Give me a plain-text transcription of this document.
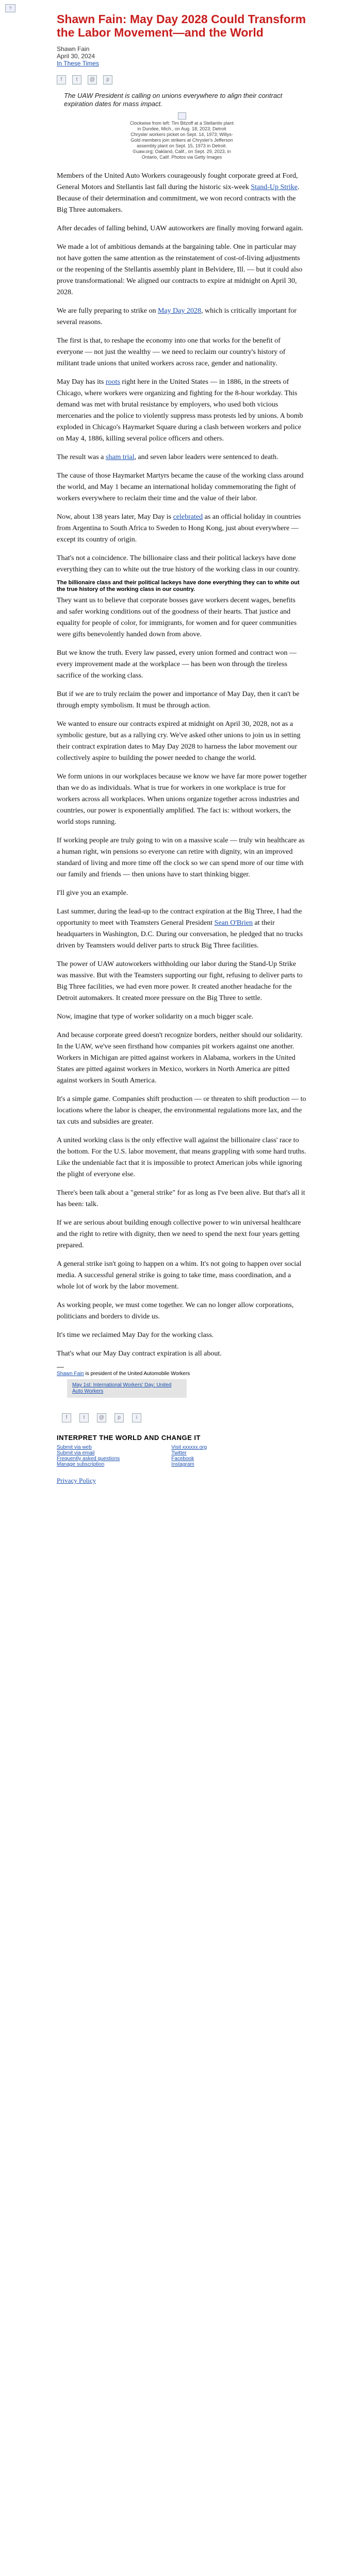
?
Shawn Fain: May Day 2028 Could Transform the Labor Movement—and the World
Shawn Fain
April 30, 2024
In These Times
f	t	@	p

The UAW President is calling on unions everywhere to align their contract expiration dates for mass impact.

Clockwise from left: Tim Bitzoff at a Stellantis plant in Dundee, Mich., on Aug. 18, 2023; Detroit Chrysler workers picket on Sept. 14, 1973; Willys-Gold members join strikers at Chrysler's Jefferson assembly plant on Sept. 15, 1973 in Detroit. ©uaw.org; Oakland, Calif., on Sept. 29, 2023, in Ontario, Calif. Photos via Getty Images

Members of the United Auto Workers courageously fought corporate greed at Ford, General Motors and Stellantis last fall during the historic six-week Stand-Up Strike. Because of their determination and commitment, we won record contracts with the Big Three automakers.

After decades of falling behind, UAW autoworkers are finally moving forward again.

We made a lot of ambitious demands at the bargaining table. One in particular may not have gotten the same attention as the reinstatement of cost-of-living adjustments or the reopening of the Stellantis assembly plant in Belvidere, Ill. — but it could also prove transformational: We aligned our contracts to expire at midnight on April 30, 2028.

We are fully preparing to strike on May Day 2028, which is critically important for several reasons.

The first is that, to reshape the economy into one that works for the benefit of everyone — not just the wealthy — we need to reclaim our country's history of militant trade unions that united workers across race, gender and nationality.

May Day has its roots right here in the United States — in 1886, in the streets of Chicago, where workers were organizing and fighting for the 8-hour workday. This demand was met with brutal resistance by employers, who used both vicious mercenaries and the police to violently suppress mass protests led by unions. A bomb exploded in Chicago's Haymarket Square during a clash between workers and police on May 4, 1886, killing several police officers and others.

The result was a sham trial, and seven labor leaders were sentenced to death.

The cause of those Haymarket Martyrs became the cause of the working class around the world, and May 1 became an international holiday commemorating the fight of workers everywhere to reclaim their time and the value of their labor.

Now, about 138 years later, May Day is celebrated as an official holiday in countries from Argentina to South Africa to Sweden to Hong Kong, just about everywhere — except its country of origin.

That's not a coincidence. The billionaire class and their political lackeys have done everything they can to white out the true history of the working class in our country.

The billionaire class and their political lackeys have done everything they can to white out the true history of the working class in our country.

They want us to believe that corporate bosses gave workers decent wages, benefits and safer working conditions out of the goodness of their hearts. That justice and equality for people of color, for immigrants, for women and for queer communities were gifts benevolently handed down from above.

But we know the truth. Every law passed, every union formed and contract won — every improvement made at the workplace — has been won through the tireless sacrifice of the working class.

But if we are to truly reclaim the power and importance of May Day, then it can't be through empty symbolism. It must be through action.

We wanted to ensure our contracts expired at midnight on April 30, 2028, not as a symbolic gesture, but as a rallying cry. We've asked other unions to join us in setting their contract expiration dates to May Day 2028 to harness the labor movement our collectively aspire to building the power needed to change the world.

We form unions in our workplaces because we know we have far more power together than we do as individuals. What is true for workers in one workplace is true for workers across all workplaces. When unions organize together across industries and countries, our power is exponentially amplified. The fact is: without workers, the world stops running.

If working people are truly going to win on a massive scale — truly win healthcare as a human right, win pensions so everyone can retire with dignity, win an improved standard of living and more time off the clock so we can spend more of our time with our family and friends — then unions have to start thinking bigger.

I'll give you an example.

Last summer, during the lead-up to the contract expiration at the Big Three, I had the opportunity to meet with Teamsters General President Sean O'Brien at their headquarters in Washington, D.C. During our conversation, he pledged that no trucks driven by Teamsters would deliver parts to struck Big Three facilities.

The power of UAW autoworkers withholding our labor during the Stand-Up Strike was massive. But with the Teamsters supporting our fight, refusing to deliver parts to Big Three facilities, we had even more power. It created another headache for the Detroit automakers. It created more pressure on the Big Three to settle.

Now, imagine that type of worker solidarity on a much bigger scale.

And because corporate greed doesn't recognize borders, neither should our solidarity. In the UAW, we've seen firsthand how companies pit workers against one another. Workers in Michigan are pitted against workers in Alabama, workers in the United States are pitted against workers in Mexico, workers in North America are pitted against workers in South America.

It's a simple game. Companies shift production — or threaten to shift production — to locations where the labor is cheaper, the environmental regulations more lax, and the tax cuts and subsidies are greater.

A united working class is the only effective wall against the billionaire class' race to the bottom. For the U.S. labor movement, that means grappling with some hard truths. Like the undeniable fact that it is impossible to protect American jobs while ignoring the plight of everyone else.

There's been talk about a "general strike" for as long as I've been alive. But that's all it has been: talk.

If we are serious about building enough collective power to win universal healthcare and the right to retire with dignity, then we need to spend the next four years getting prepared.

A general strike isn't going to happen on a whim. It's not going to happen over social media. A successful general strike is going to take time, mass coordination, and a whole lot of work by the labor movement.

As working people, we must come together. We can no longer allow corporations, politicians and borders to divide us.

It's time we reclaimed May Day for the working class.

That's what our May Day contract expiration is all about.

Shawn Fain is president of the United Automobile Workers
May 1st: International Workers' Day: United Auto Workers
f	t	@	p	i
INTERPRET THE WORLD AND CHANGE IT
Submit via web
Submit via email
Frequently asked questions
Manage subscription
Visit xxxxxx.org
Twitter
Facebook
Instagram
Privacy Policy
